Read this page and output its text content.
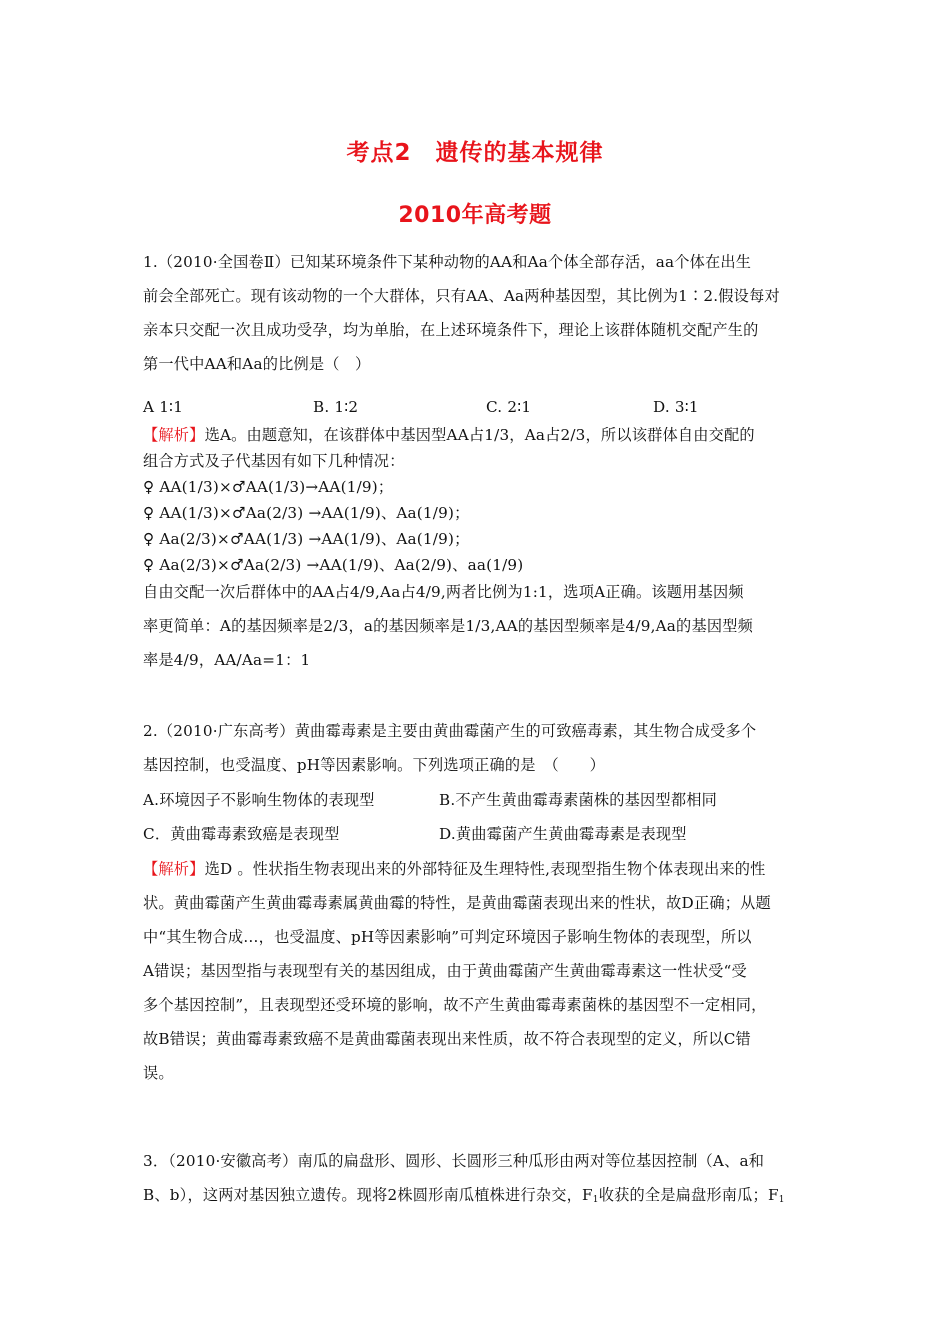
考点2　遗传的基本规律
2010年高考题
1.（2010·全国卷Ⅱ）已知某环境条件下某种动物的AA和Aa个体全部存活，aa个体在出生
前会全部死亡。现有该动物的一个大群体，只有AA、Aa两种基因型，其比例为1∶2.假设每对
亲本只交配一次且成功受孕，均为单胎，在上述环境条件下，理论上该群体随机交配产生的
第一代中AA和Aa的比例是（　）
A 1∶1	B. 1∶2	C. 2∶1	D. 3∶1
【解析】选A。由题意知，在该群体中基因型AA占1/3，Aa占2/3，所以该群体自由交配的
组合方式及子代基因有如下几种情况：
♀ AA(1/3)×♂AA(1/3)→AA(1/9)；
♀ AA(1/3)×♂Aa(2/3) →AA(1/9)、Aa(1/9)；
♀ Aa(2/3)×♂AA(1/3) →AA(1/9)、Aa(1/9)；
♀ Aa(2/3)×♂Aa(2/3) →AA(1/9)、Aa(2/9)、aa(1/9)
自由交配一次后群体中的AA占4/9,Aa占4/9,两者比例为1:1，选项A正确。该题用基因频
率更简单：A的基因频率是2/3，a的基因频率是1/3,AA的基因型频率是4/9,Aa的基因型频
率是4/9，AA/Aa=1：1
2.（2010·广东高考）黄曲霉毒素是主要由黄曲霉菌产生的可致癌毒素，其生物合成受多个
基因控制，也受温度、pH等因素影响。下列选项正确的是　（　　）
A.环境因子不影响生物体的表现型	B.不产生黄曲霉毒素菌株的基因型都相同
C．黄曲霉毒素致癌是表现型	D.黄曲霉菌产生黄曲霉毒素是表现型
【解析】选D 。性状指生物表现出来的外部特征及生理特性,表现型指生物个体表现出来的性
状。黄曲霉菌产生黄曲霉毒素属黄曲霉的特性，是黄曲霉菌表现出来的性状，故D正确；从题
中“其生物合成…，也受温度、pH等因素影响”可判定环境因子影响生物体的表现型，所以
A错误；基因型指与表现型有关的基因组成，由于黄曲霉菌产生黄曲霉毒素这一性状受“受
多个基因控制”，且表现型还受环境的影响，故不产生黄曲霉毒素菌株的基因型不一定相同，
故B错误；黄曲霉毒素致癌不是黄曲霉菌表现出来性质，故不符合表现型的定义，所以C错
误。
3．（2010·安徽高考）南瓜的扁盘形、圆形、长圆形三种瓜形由两对等位基因控制（A、a和
B、b），这两对基因独立遗传。现将2株圆形南瓜植株进行杂交，$F_1$收获的全是扁盘形南瓜；$F_1$
